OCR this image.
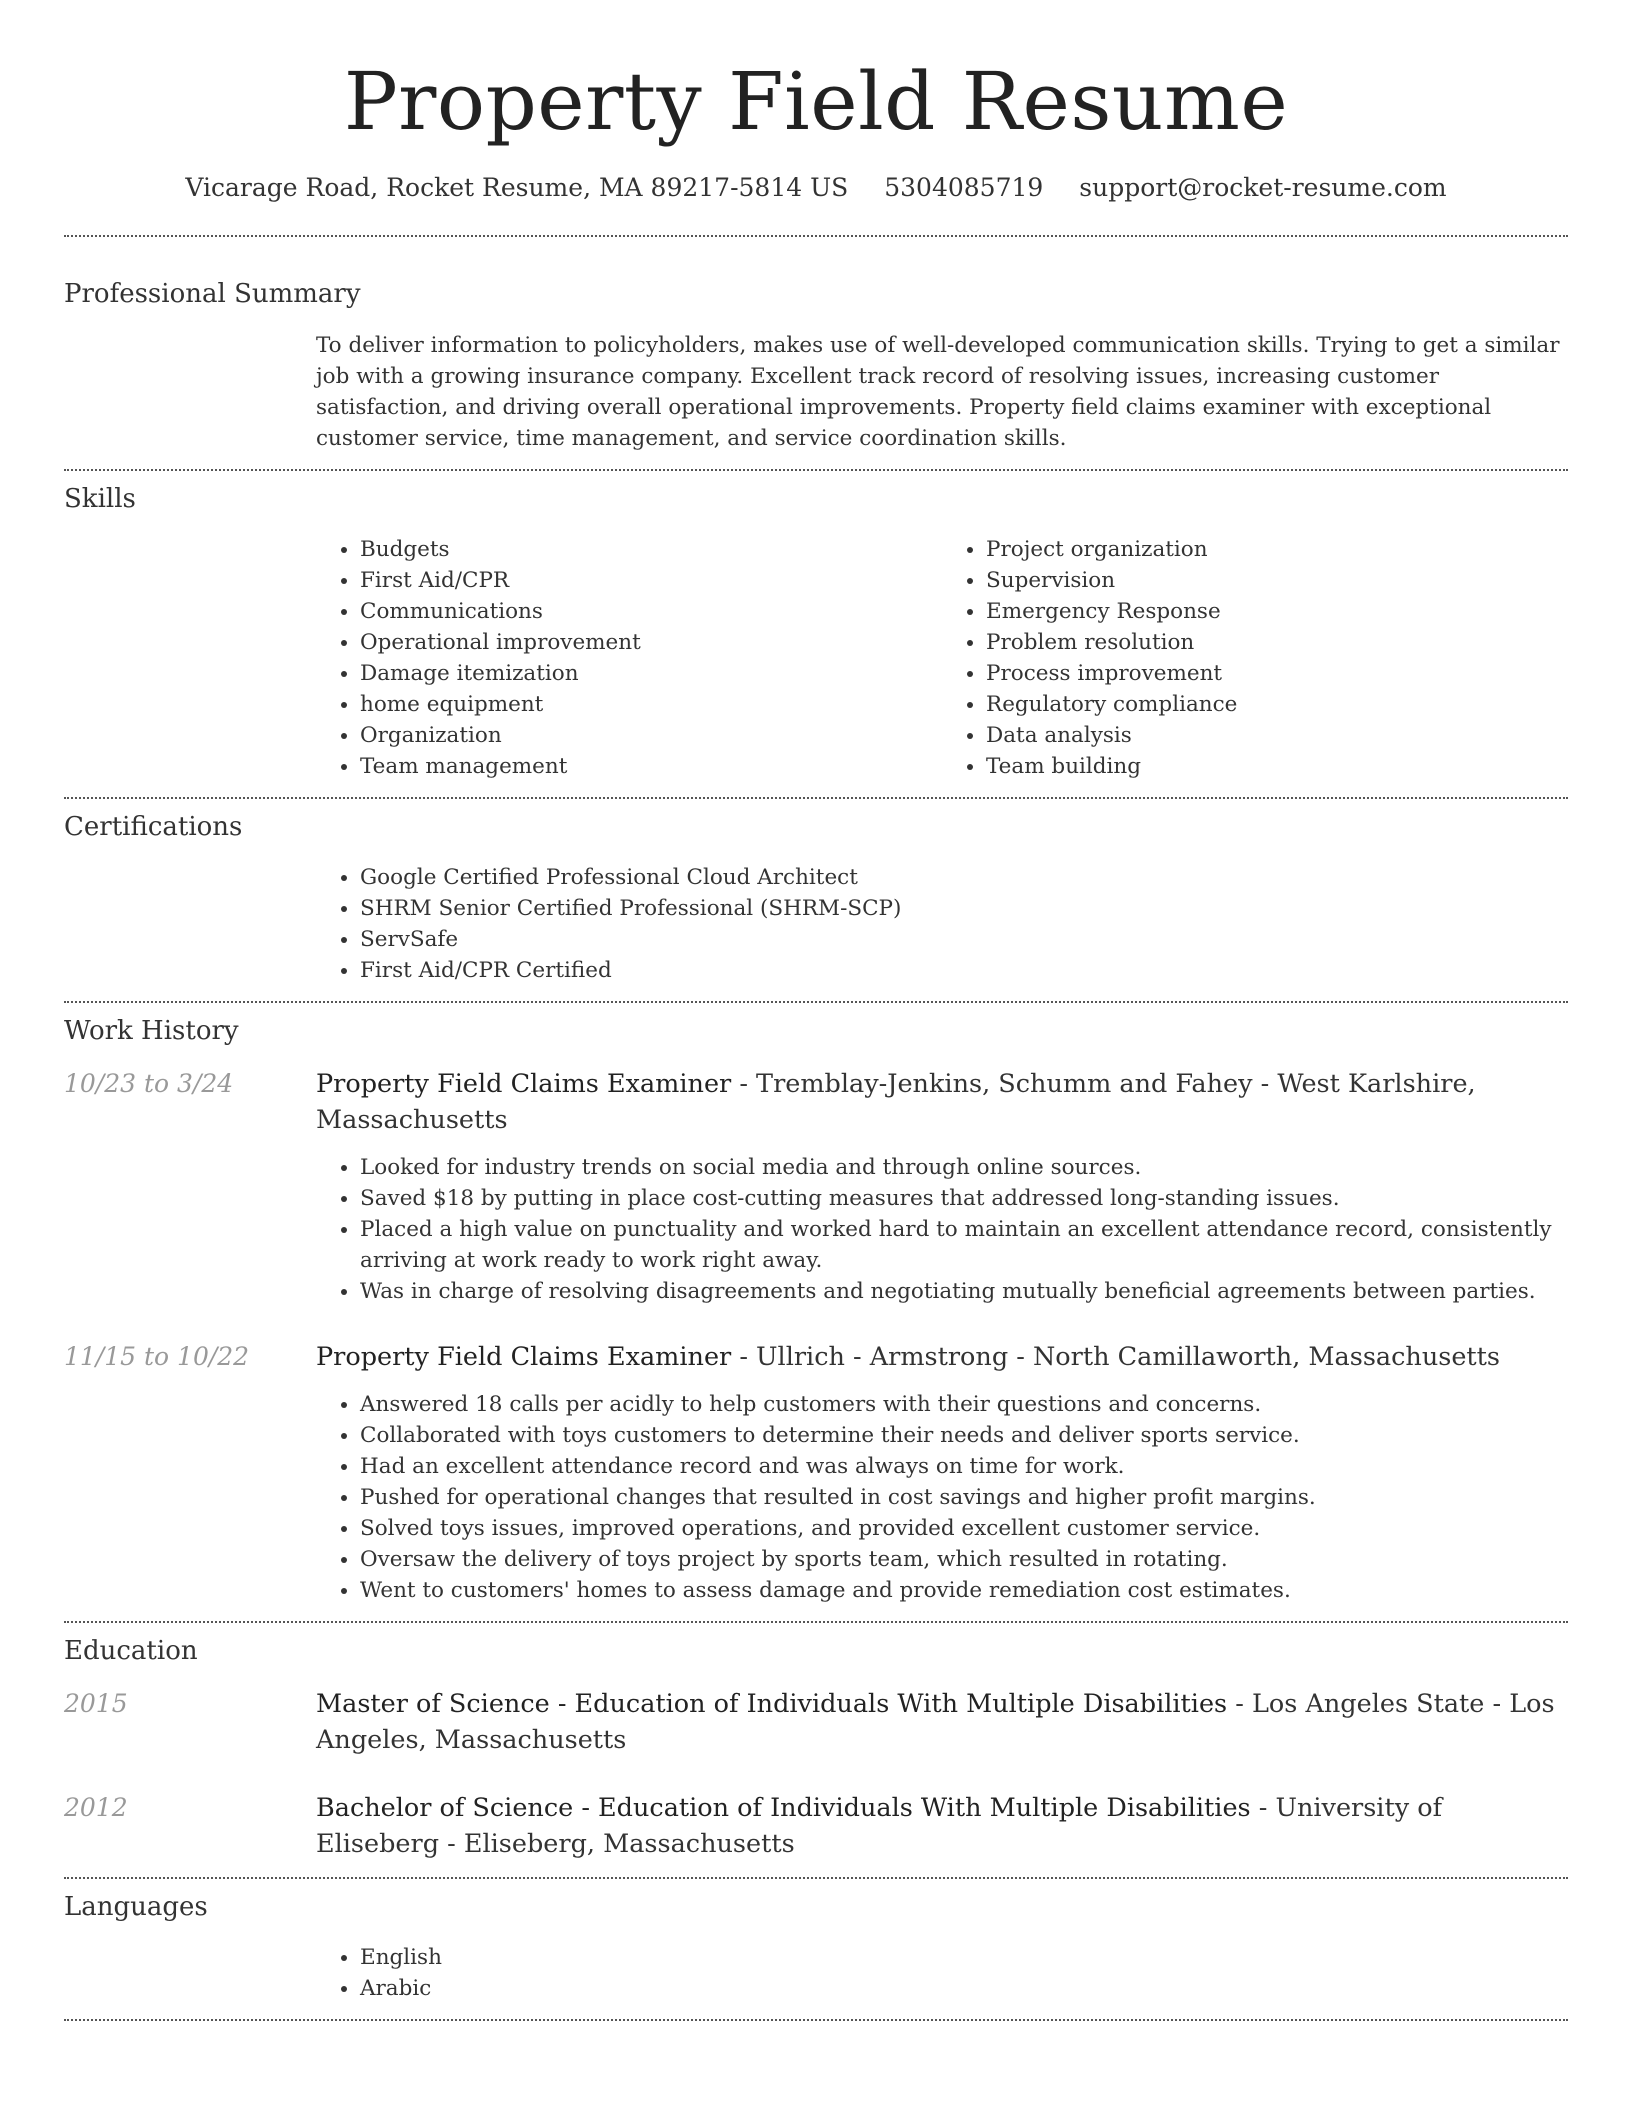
Property Field Resume
Vicarage Road, Rocket Resume, MA 89217-5814 US 5304085719 support@rocket-resume.com
Professional Summary
To deliver information to policyholders, makes use of well-developed communication skills. Trying to get a similar job with a growing insurance company. Excellent track record of resolving issues, increasing customer satisfaction, and driving overall operational improvements. Property field claims examiner with exceptional customer service, time management, and service coordination skills.
Skills
• Budgets
• First Aid/CPR
• Communications
• Operational improvement
• Damage itemization
• home equipment
• Organization
• Team management
• Project organization
• Supervision
• Emergency Response
• Problem resolution
• Process improvement
• Regulatory compliance
• Data analysis
• Team building
Certifications
• Google Certified Professional Cloud Architect
• SHRM Senior Certified Professional (SHRM-SCP)
• ServSafe
• First Aid/CPR Certified
Work History
10/23 to 3/24	Property Field Claims Examiner - Tremblay-Jenkins, Schumm and Fahey - West Karlshire, Massachusetts
• Looked for industry trends on social media and through online sources.
• Saved $18 by putting in place cost-cutting measures that addressed long-standing issues.
• Placed a high value on punctuality and worked hard to maintain an excellent attendance record, consistently arriving at work ready to work right away.
• Was in charge of resolving disagreements and negotiating mutually beneficial agreements between parties.
11/15 to 10/22	Property Field Claims Examiner - Ullrich - Armstrong - North Camillaworth, Massachusetts
• Answered 18 calls per acidly to help customers with their questions and concerns.
• Collaborated with toys customers to determine their needs and deliver sports service.
• Had an excellent attendance record and was always on time for work.
• Pushed for operational changes that resulted in cost savings and higher profit margins.
• Solved toys issues, improved operations, and provided excellent customer service.
• Oversaw the delivery of toys project by sports team, which resulted in rotating.
• Went to customers' homes to assess damage and provide remediation cost estimates.
Education
2015	Master of Science - Education of Individuals With Multiple Disabilities - Los Angeles State - Los Angeles, Massachusetts
2012	Bachelor of Science - Education of Individuals With Multiple Disabilities - University of Eliseberg - Eliseberg, Massachusetts
Languages
• English
• Arabic
